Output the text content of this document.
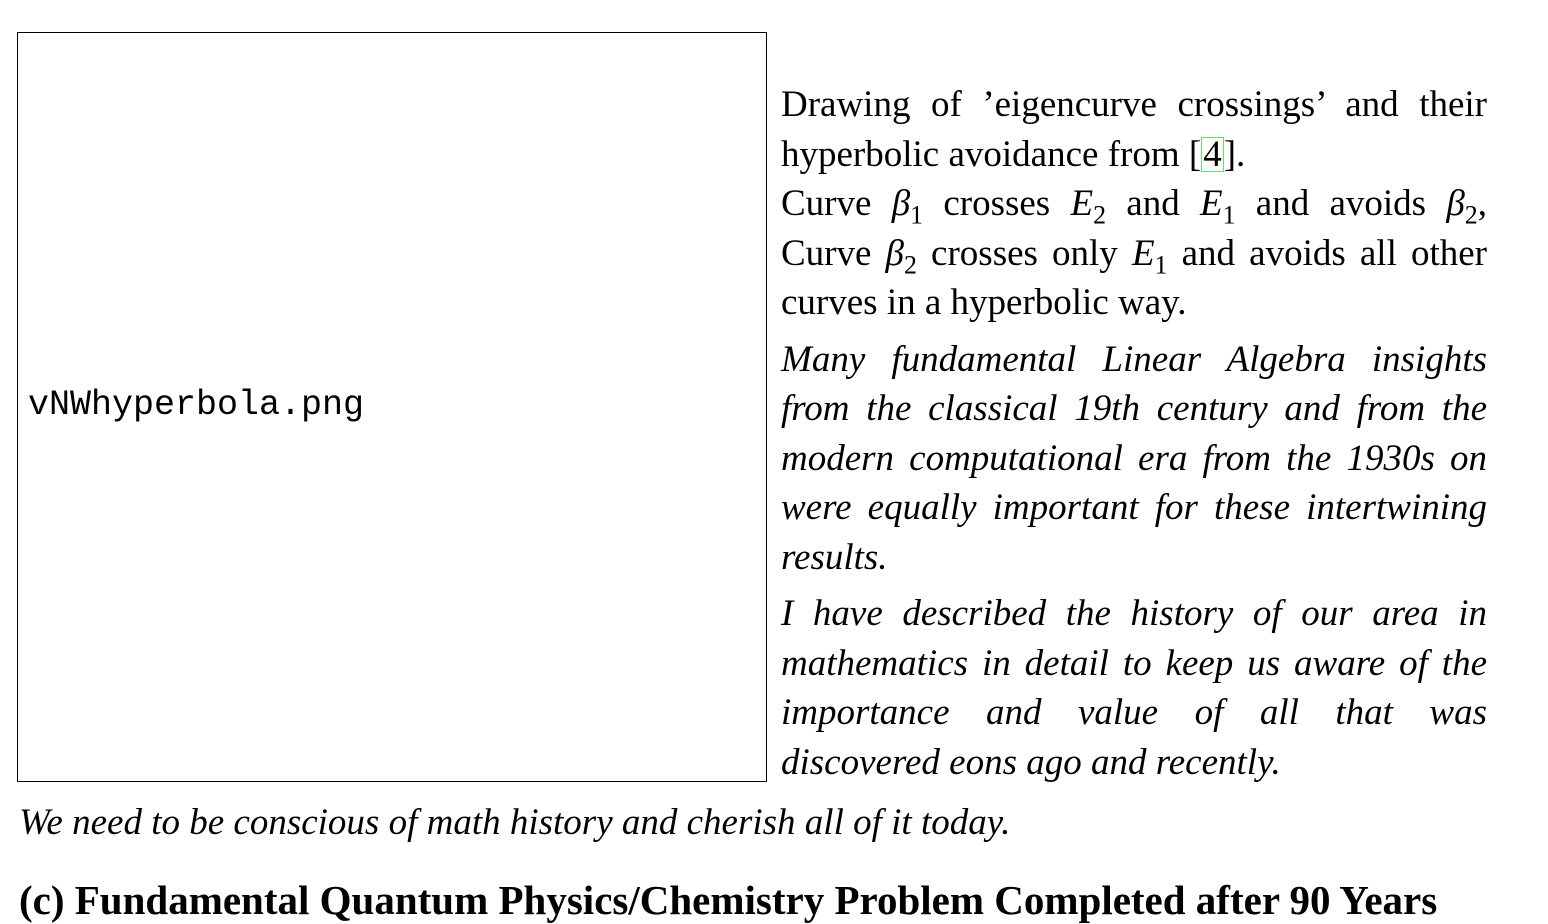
vNWhyperbola.png

Drawing of ’eigencurve crossings’ and their hyperbolic avoidance from [4].
Curve $\beta_1$ crosses $E_2$ and $E_1$ and avoids $\beta_2$, Curve $\beta_2$ crosses only $E_1$ and avoids all other curves in a hyperbolic way.

Many fundamental Linear Algebra insights from the classical 19th century and from the modern computational era from the 1930s on were equally important for these intertwining results.

I have described the history of our area in mathematics in detail to keep us aware of the importance and value of all that was discovered eons ago and recently.

We need to be conscious of math history and cherish all of it today.
(c) Fundamental Quantum Physics/Chemistry Problem Completed after 90 Years
